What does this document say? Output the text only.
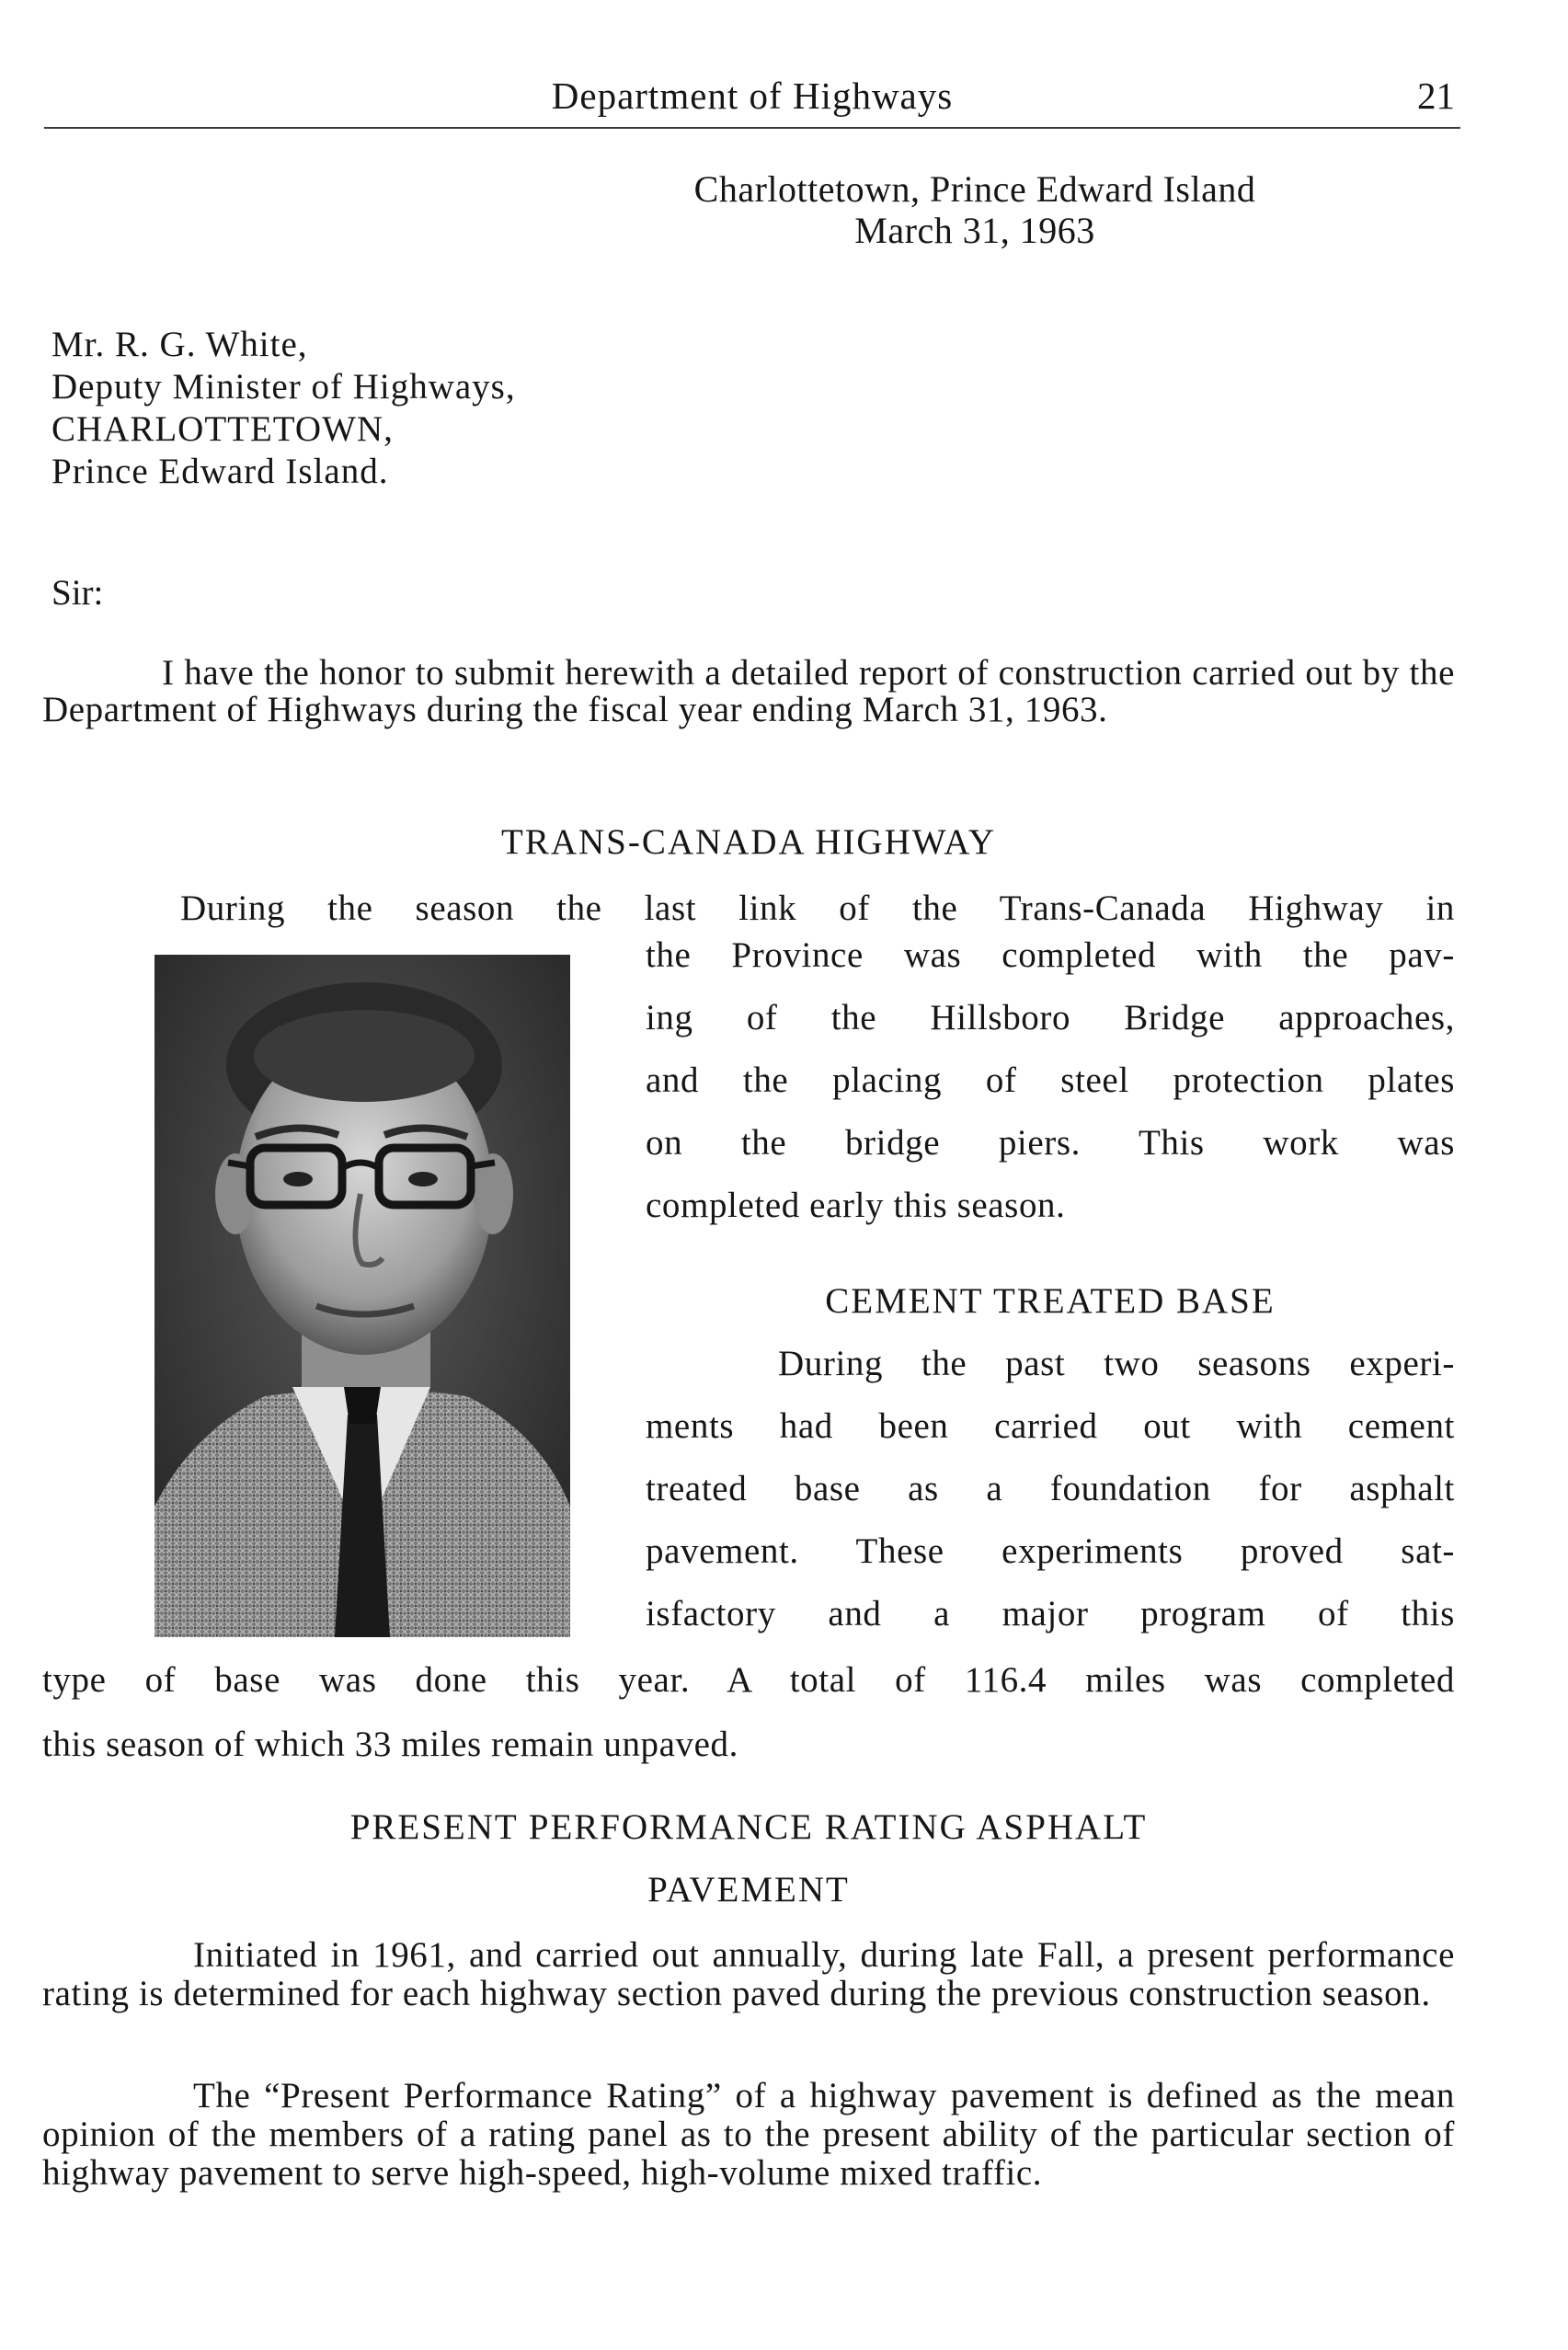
Department of Highways	21
Charlottetown, Prince Edward Island
March 31, 1963
Mr. R. G. White,
Deputy Minister of Highways,
CHARLOTTETOWN,
Prince Edward Island.
Sir:

I have the honor to submit herewith a detailed report of construction carried out by the Department of Highways during the fiscal year ending March 31, 1963.

TRANS-CANADA HIGHWAY
During the season the last link of the Trans-Canada Highway in
the Province was completed with the pav-
ing of the Hillsboro Bridge approaches,
and the placing of steel protection plates
on the bridge piers. This work was
completed early this season.
CEMENT TREATED BASE
During the past two seasons experi-
ments had been carried out with cement
treated base as a foundation for asphalt
pavement. These experiments proved sat-
isfactory and a major program of this
type of base was done this year. A total of 116.4 miles was completed
this season of which 33 miles remain unpaved.
PRESENT PERFORMANCE RATING ASPHALT
PAVEMENT

Initiated in 1961, and carried out annually, during late Fall, a present performance rating is determined for each highway section paved during the previous construction season.

The “Present Performance Rating” of a highway pavement is defined as the mean opinion of the members of a rating panel as to the present ability of the particular section of highway pavement to serve high-speed, high-volume mixed traffic.
